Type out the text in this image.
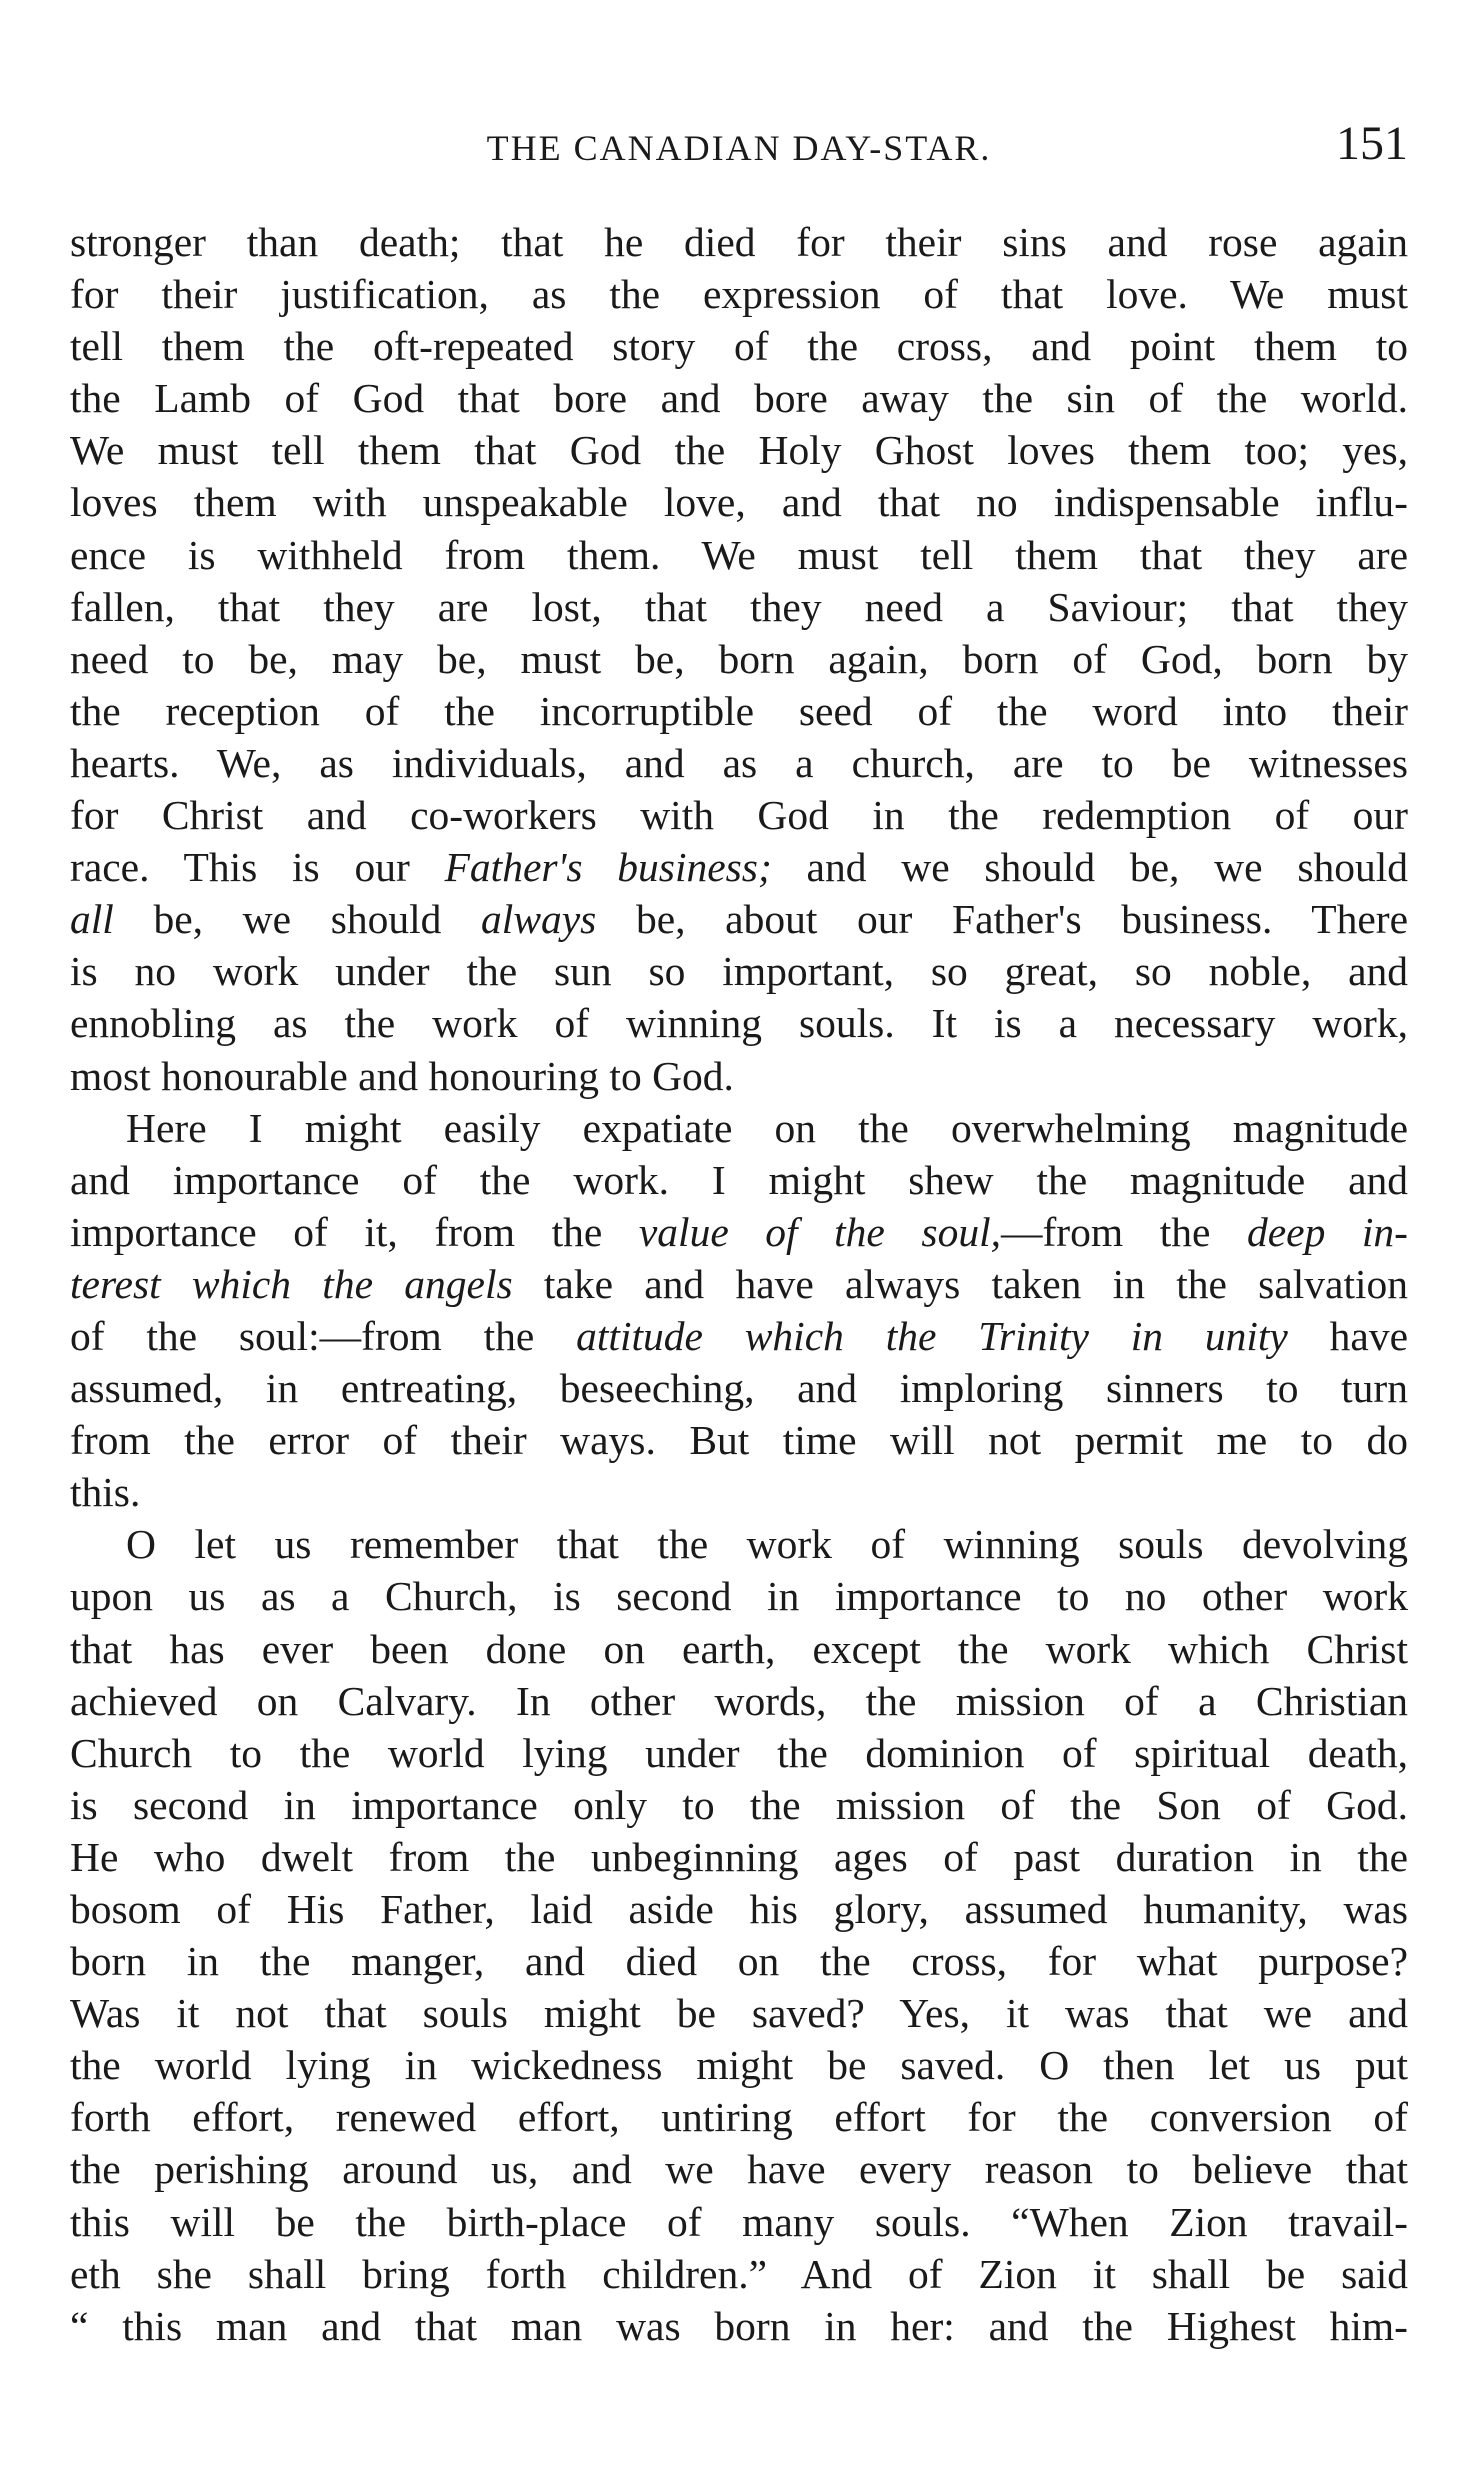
THE CANADIAN DAY-STAR.	151
stronger than death; that he died for their sins and rose again
for their justification, as the expression of that love. We must
tell them the oft-repeated story of the cross, and point them to
the Lamb of God that bore and bore away the sin of the world.
We must tell them that God the Holy Ghost loves them too; yes,
loves them with unspeakable love, and that no indispensable influ-
ence is withheld from them. We must tell them that they are
fallen, that they are lost, that they need a Saviour; that they
need to be, may be, must be, born again, born of God, born by
the reception of the incorruptible seed of the word into their
hearts. We, as individuals, and as a church, are to be witnesses
for Christ and co-workers with God in the redemption of our
race. This is our Father's business; and we should be, we should
all be, we should always be, about our Father's business. There
is no work under the sun so important, so great, so noble, and
ennobling as the work of winning souls. It is a necessary work,
most honourable and honouring to God.
Here I might easily expatiate on the overwhelming magnitude
and importance of the work. I might shew the magnitude and
importance of it, from the value of the soul,—from the deep in-
terest which the angels take and have always taken in the salvation
of the soul:—from the attitude which the Trinity in unity have
assumed, in entreating, beseeching, and imploring sinners to turn
from the error of their ways. But time will not permit me to do
this.
O let us remember that the work of winning souls devolving
upon us as a Church, is second in importance to no other work
that has ever been done on earth, except the work which Christ
achieved on Calvary. In other words, the mission of a Christian
Church to the world lying under the dominion of spiritual death,
is second in importance only to the mission of the Son of God.
He who dwelt from the unbeginning ages of past duration in the
bosom of His Father, laid aside his glory, assumed humanity, was
born in the manger, and died on the cross, for what purpose?
Was it not that souls might be saved? Yes, it was that we and
the world lying in wickedness might be saved. O then let us put
forth effort, renewed effort, untiring effort for the conversion of
the perishing around us, and we have every reason to believe that
this will be the birth-place of many souls. “When Zion travail-
eth she shall bring forth children.” And of Zion it shall be said
“ this man and that man was born in her: and the Highest him-
